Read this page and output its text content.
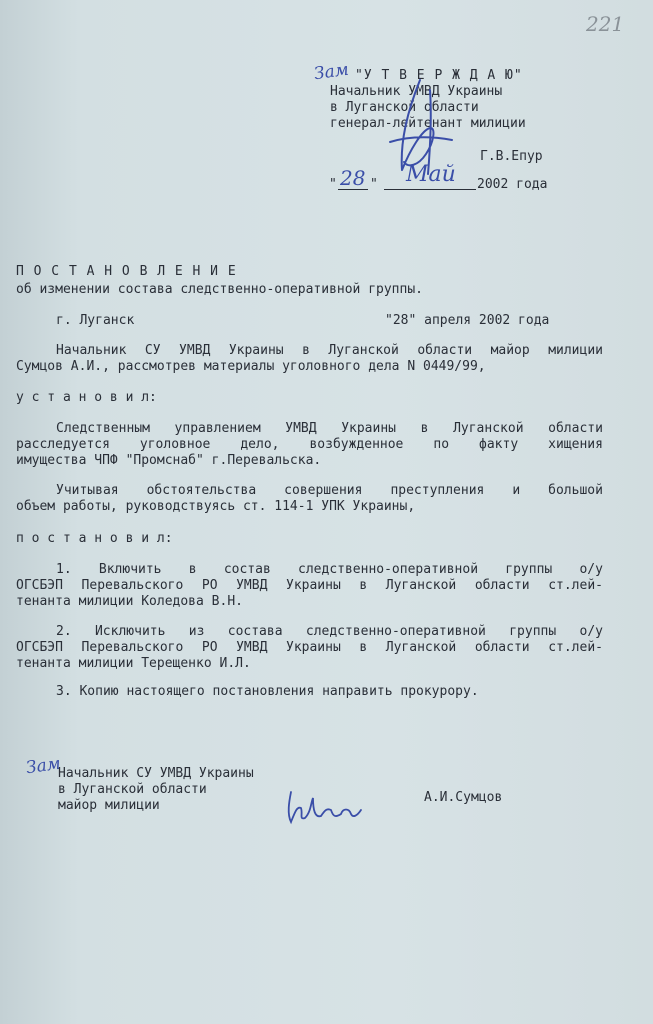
221
Зам "У Т В Е Р Ж Д А Ю"
Начальник УМВД Украины
в Луганской области
генерал-лейтенант милиции
Г.В.Епур
" 28 " Май 2002 года
П О С Т А Н О В Л Е Н И Е
об изменении состава следственно-оперативной группы.
г. Луганск	"28" апреля 2002 года
Начальник СУ УМВД Украины в Луганской области майор милиции
Сумцов А.И., рассмотрев материалы уголовного дела N 0449/99,
у с т а н о в и л:
Следственным управлением УМВД Украины в Луганской области
расследуется уголовное дело, возбужденное по факту хищения
имущества ЧПФ "Промснаб" г.Перевальска.
Учитывая обстоятельства совершения преступления и большой
объем работы, руководствуясь ст. 114-1 УПК Украины,
п о с т а н о в и л:
1. Включить в состав следственно-оперативной группы о/у
ОГСБЭП Перевальского РО УМВД Украины в Луганской области ст.лей-
тенанта милиции Коледова В.Н.
2. Исключить из состава следственно-оперативной группы о/у
ОГСБЭП Перевальского РО УМВД Украины в Луганской области ст.лей-
тенанта милиции Терещенко И.Л.
3. Копию настоящего постановления направить прокурору.
Зам
Начальник СУ УМВД Украины
в Луганской области
майор милиции
А.И.Сумцов
